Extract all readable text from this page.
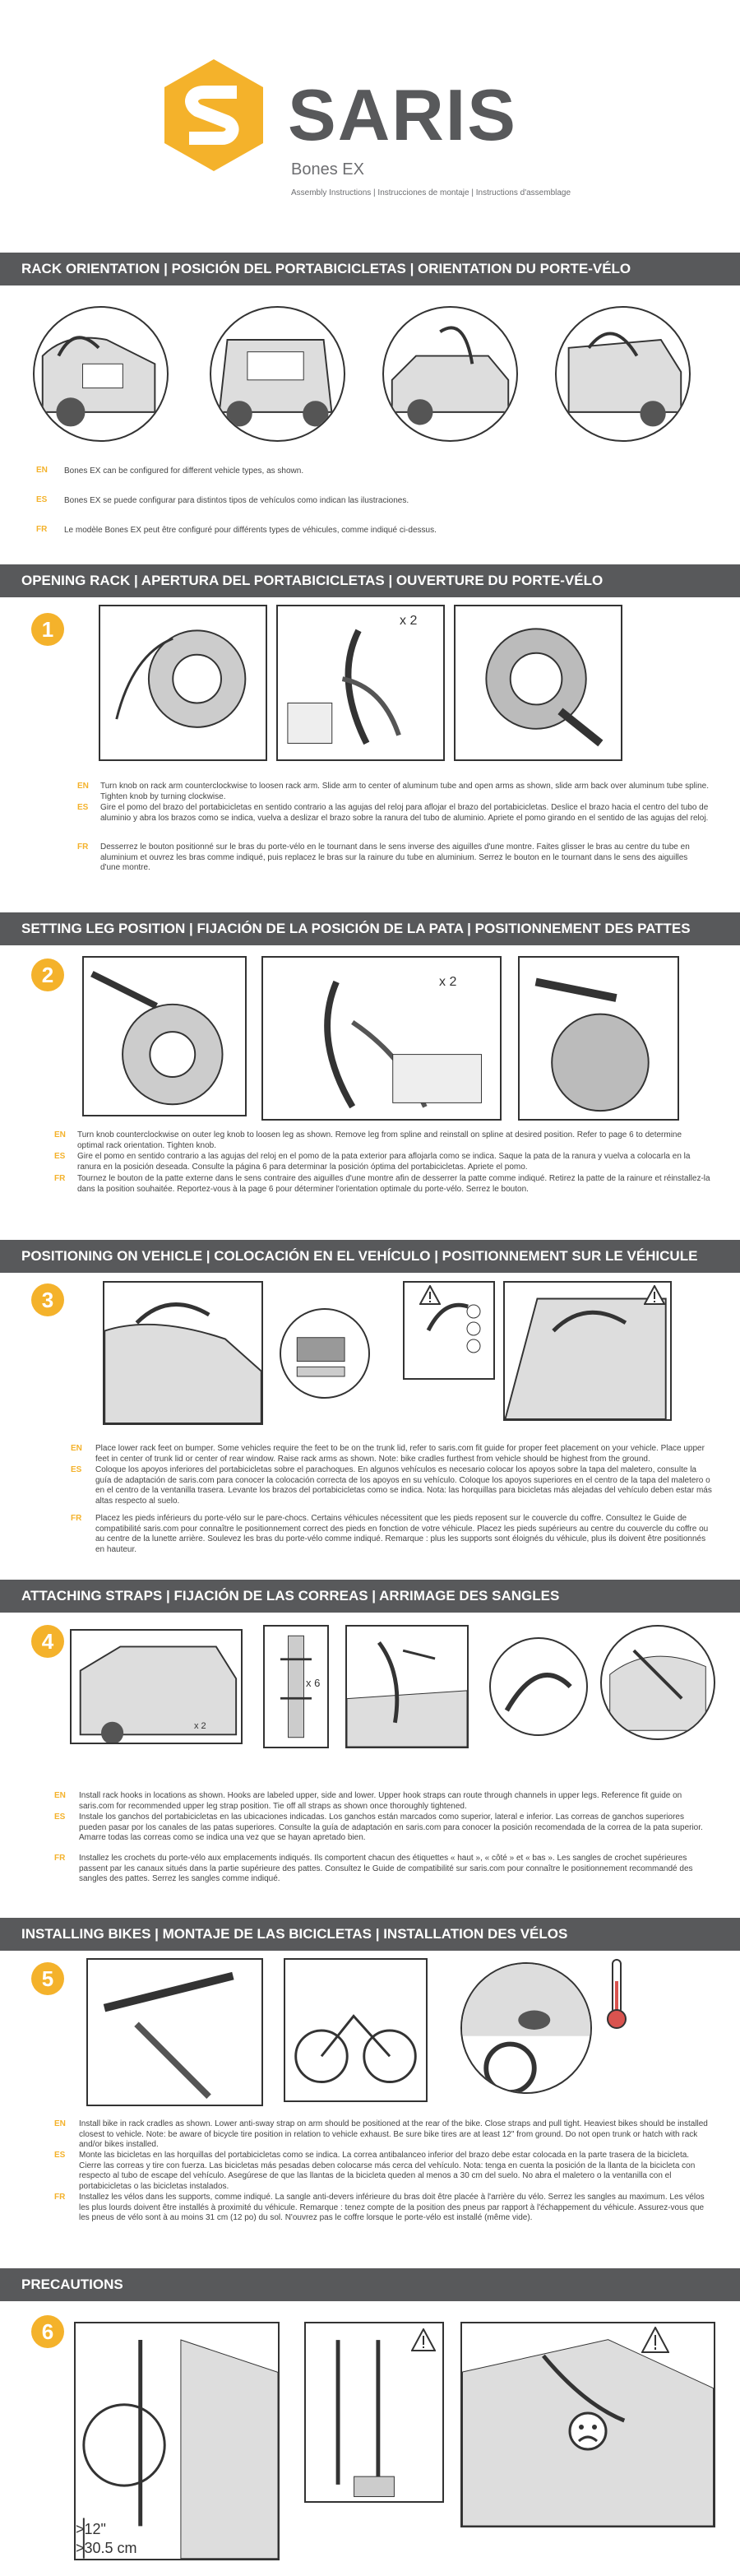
SARIS
Bones EX
Assembly Instructions | Instrucciones de montaje | Instructions d'assemblage
RACK ORIENTATION | POSICIÓN DEL PORTABICICLETAS | ORIENTATION DU PORTE-VÉLO
EN	Bones EX can be configured for different vehicle types, as shown.
ES	Bones EX se puede configurar para distintos tipos de vehículos como indican las ilustraciones.
FR	Le modèle Bones EX peut être configuré pour différents types de véhicules, comme indiqué ci-dessus.
OPENING RACK | APERTURA DEL PORTABICICLETAS | OUVERTURE DU PORTE-VÉLO
1	x 2
EN	Turn knob on rack arm counterclockwise to loosen rack arm. Slide arm to center of aluminum tube and open arms as shown, slide arm back over aluminum tube spline. Tighten knob by turning clockwise.
ES	Gire el pomo del brazo del portabicicletas en sentido contrario a las agujas del reloj para aflojar el brazo del portabicicletas. Deslice el brazo hacia el centro del tubo de aluminio y abra los brazos como se indica, vuelva a deslizar el brazo sobre la ranura del tubo de aluminio. Apriete el pomo girando en el sentido de las agujas del reloj.
FR	Desserrez le bouton positionné sur le bras du porte-vélo en le tournant dans le sens inverse des aiguilles d'une montre. Faites glisser le bras au centre du tube en aluminium et ouvrez les bras comme indiqué, puis replacez le bras sur la rainure du tube en aluminium. Serrez le bouton en le tournant dans le sens des aiguilles d'une montre.
SETTING LEG POSITION | FIJACIÓN DE LA POSICIÓN DE LA PATA | POSITIONNEMENT DES PATTES
2	x 2
EN	Turn knob counterclockwise on outer leg knob to loosen leg as shown. Remove leg from spline and reinstall on spline at desired position. Refer to page 6 to determine optimal rack orientation. Tighten knob.
ES	Gire el pomo en sentido contrario a las agujas del reloj en el pomo de la pata exterior para aflojarla como se indica. Saque la pata de la ranura y vuelva a colocarla en la ranura en la posición deseada. Consulte la página 6 para determinar la posición óptima del portabicicletas. Apriete el pomo.
FR	Tournez le bouton de la patte externe dans le sens contraire des aiguilles d'une montre afin de desserrer la patte comme indiqué. Retirez la patte de la rainure et réinstallez-la dans la position souhaitée. Reportez-vous à la page 6 pour déterminer l'orientation optimale du porte-vélo. Serrez le bouton.
POSITIONING ON VEHICLE | COLOCACIÓN EN EL VEHÍCULO | POSITIONNEMENT SUR LE VÉHICULE
3
EN	Place lower rack feet on bumper. Some vehicles require the feet to be on the trunk lid, refer to saris.com fit guide for proper feet placement on your vehicle. Place upper feet in center of trunk lid or center of rear window. Raise rack arms as shown. Note: bike cradles furthest from vehicle should be highest from the ground.
ES	Coloque los apoyos inferiores del portabicicletas sobre el parachoques. En algunos vehículos es necesario colocar los apoyos sobre la tapa del maletero, consulte la guía de adaptación de saris.com para conocer la colocación correcta de los apoyos en su vehículo. Coloque los apoyos superiores en el centro de la tapa del maletero o en el centro de la ventanilla trasera. Levante los brazos del portabicicletas como se indica. Nota: las horquillas para bicicletas más alejadas del vehículo deben estar más altas respecto al suelo.
FR	Placez les pieds inférieurs du porte-vélo sur le pare-chocs. Certains véhicules nécessitent que les pieds reposent sur le couvercle du coffre. Consultez le Guide de compatibilité saris.com pour connaître le positionnement correct des pieds en fonction de votre véhicule. Placez les pieds supérieurs au centre du couvercle du coffre ou au centre de la lunette arrière. Soulevez les bras du porte-vélo comme indiqué. Remarque : plus les supports sont éloignés du véhicule, plus ils doivent être positionnés en hauteur.
ATTACHING STRAPS | FIJACIÓN DE LAS CORREAS | ARRIMAGE DES SANGLES
4
x 2
x 6
EN	Install rack hooks in locations as shown. Hooks are labeled upper, side and lower. Upper hook straps can route through channels in upper legs. Reference fit guide on saris.com for recommended upper leg strap position. Tie off all straps as shown once thoroughly tightened.
ES	Instale los ganchos del portabicicletas en las ubicaciones indicadas. Los ganchos están marcados como superior, lateral e inferior. Las correas de ganchos superiores pueden pasar por los canales de las patas superiores. Consulte la guía de adaptación en saris.com para conocer la posición recomendada de la correa de la pata superior. Amarre todas las correas como se indica una vez que se hayan apretado bien.
FR	Installez les crochets du porte-vélo aux emplacements indiqués. Ils comportent chacun des étiquettes « haut », « côté » et « bas ». Les sangles de crochet supérieures passent par les canaux situés dans la partie supérieure des pattes. Consultez le Guide de compatibilité sur saris.com pour connaître le positionnement recommandé des sangles des pattes. Serrez les sangles comme indiqué.
INSTALLING BIKES | MONTAJE DE LAS BICICLETAS | INSTALLATION DES VÉLOS
5
EN	Install bike in rack cradles as shown. Lower anti-sway strap on arm should be positioned at the rear of the bike. Close straps and pull tight. Heaviest bikes should be installed closest to vehicle. Note: be aware of bicycle tire position in relation to vehicle exhaust. Be sure bike tires are at least 12" from ground. Do not open trunk or hatch with rack and/or bikes installed.
ES	Monte las bicicletas en las horquillas del portabicicletas como se indica. La correa antibalanceo inferior del brazo debe estar colocada en la parte trasera de la bicicleta. Cierre las correas y tire con fuerza. Las bicicletas más pesadas deben colocarse más cerca del vehículo. Nota: tenga en cuenta la posición de la llanta de la bicicleta con respecto al tubo de escape del vehículo. Asegúrese de que las llantas de la bicicleta queden al menos a 30 cm del suelo. No abra el maletero o la ventanilla con el portabicicletas o las bicicletas instalados.
FR	Installez les vélos dans les supports, comme indiqué. La sangle anti-devers inférieure du bras doit être placée à l'arrière du vélo. Serrez les sangles au maximum. Les vélos les plus lourds doivent être installés à proximité du véhicule. Remarque : tenez compte de la position des pneus par rapport à l'échappement du véhicule. Assurez-vous que les pneus de vélo sont à au moins 31 cm (12 po) du sol. N'ouvrez pas le coffre lorsque le porte-vélo est installé (même vide).
PRECAUTIONS
6
>12"
>30.5 cm
